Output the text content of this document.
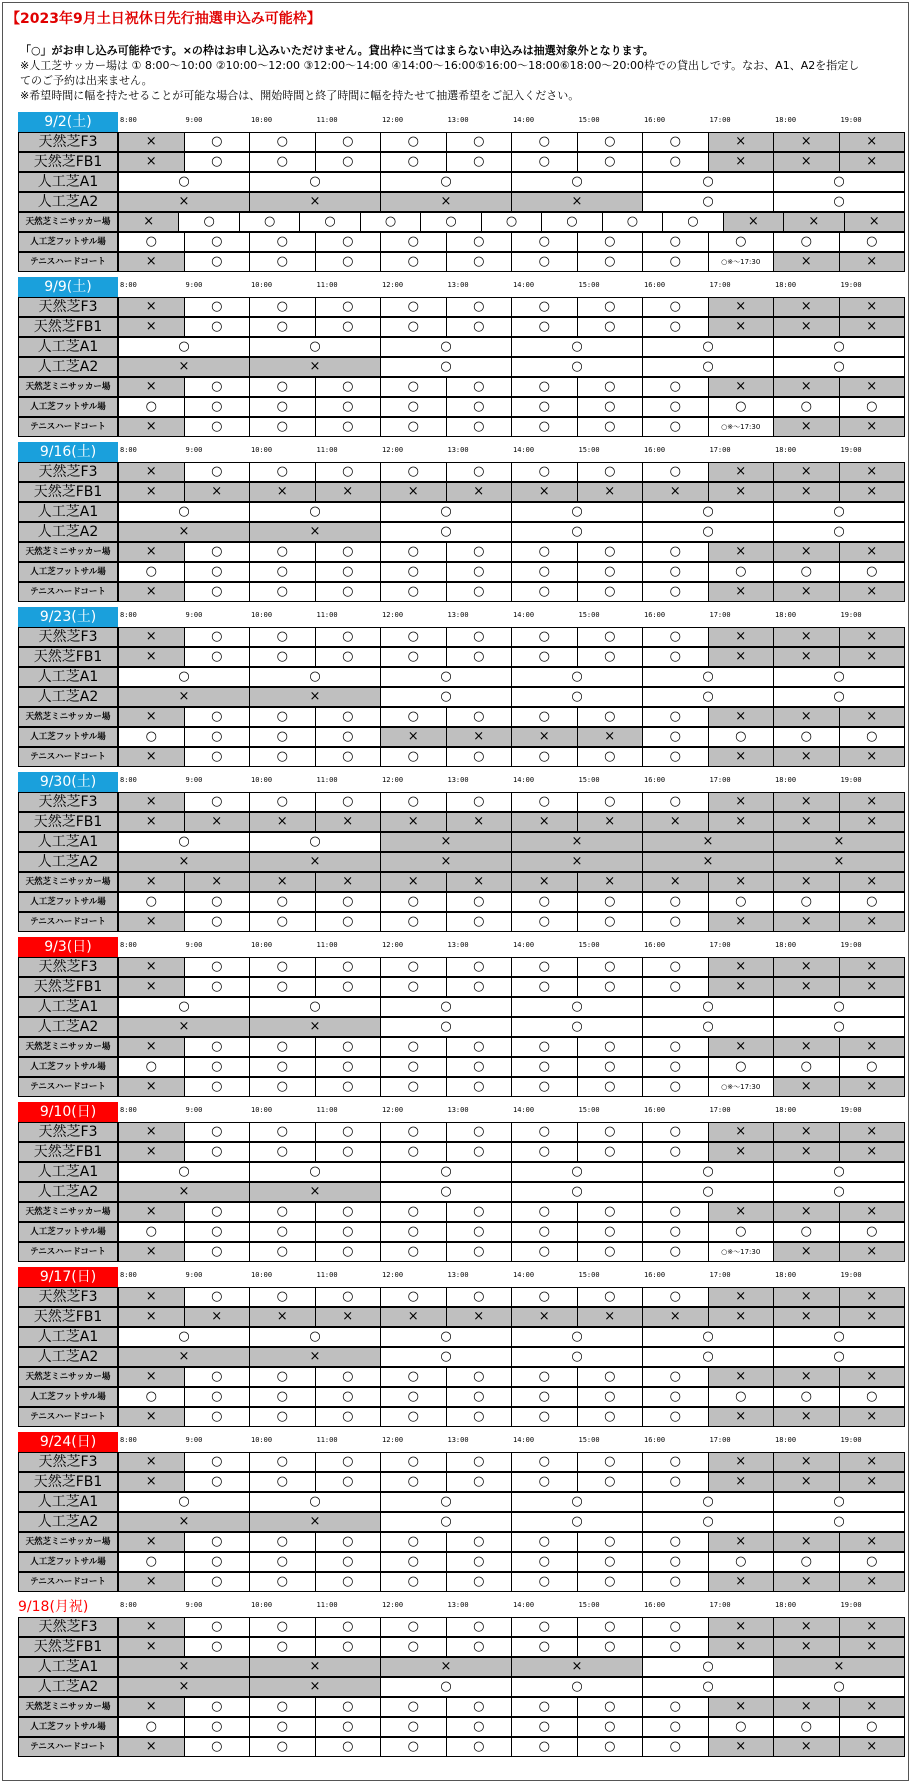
【2023年9月土日祝休日先行抽選申込み可能枠】
「○」がお申し込み可能枠です。×の枠はお申し込みいただけません。貸出枠に当てはまらない申込みは抽選対象外となります。
※人工芝サッカー場は ① 8:00～10:00 ②10:00～12:00 ③12:00～14:00 ④14:00～16:00⑤16:00～18:00⑥18:00～20:00枠での貸出しです。なお、A1、A2を指定し
てのご予約は出来ません。
※希望時間に幅を持たせることが可能な場合は、開始時間と終了時間に幅を持たせて抽選希望をご記入ください。
9/2(土)	8:00	9:00	10:00	11:00	12:00	13:00	14:00	15:00	16:00	17:00	18:00	19:00
天然芝F3	×	○	○	○	○	○	○	○	○	×	×	×
天然芝FB1	×	○	○	○	○	○	○	○	○	×	×	×
人工芝A1	○	○	○	○	○	○
人工芝A2	×	×	×	×	○	○
天然芝ミニサッカー場	×	○	○	○	○	○	○	○	○	○	×	×	×
人工芝フットサル場	○	○	○	○	○	○	○	○	○	○	○	○
テニスハードコート	×	○	○	○	○	○	○	○	○	○※～17:30	×	×
9/9(土)	8:00	9:00	10:00	11:00	12:00	13:00	14:00	15:00	16:00	17:00	18:00	19:00
天然芝F3	×	○	○	○	○	○	○	○	○	×	×	×
天然芝FB1	×	○	○	○	○	○	○	○	○	×	×	×
人工芝A1	○	○	○	○	○	○
人工芝A2	×	×	○	○	○	○
天然芝ミニサッカー場	×	○	○	○	○	○	○	○	○	×	×	×
人工芝フットサル場	○	○	○	○	○	○	○	○	○	○	○	○
テニスハードコート	×	○	○	○	○	○	○	○	○	○※～17:30	×	×
9/16(土)	8:00	9:00	10:00	11:00	12:00	13:00	14:00	15:00	16:00	17:00	18:00	19:00
天然芝F3	×	○	○	○	○	○	○	○	○	×	×	×
天然芝FB1	×	×	×	×	×	×	×	×	×	×	×	×
人工芝A1	○	○	○	○	○	○
人工芝A2	×	×	○	○	○	○
天然芝ミニサッカー場	×	○	○	○	○	○	○	○	○	×	×	×
人工芝フットサル場	○	○	○	○	○	○	○	○	○	○	○	○
テニスハードコート	×	○	○	○	○	○	○	○	○	×	×	×
9/23(土)	8:00	9:00	10:00	11:00	12:00	13:00	14:00	15:00	16:00	17:00	18:00	19:00
天然芝F3	×	○	○	○	○	○	○	○	○	×	×	×
天然芝FB1	×	○	○	○	○	○	○	○	○	×	×	×
人工芝A1	○	○	○	○	○	○
人工芝A2	×	×	○	○	○	○
天然芝ミニサッカー場	×	○	○	○	○	○	○	○	○	×	×	×
人工芝フットサル場	○	○	○	○	×	×	×	×	○	○	○	○
テニスハードコート	×	○	○	○	○	○	○	○	○	×	×	×
9/30(土)	8:00	9:00	10:00	11:00	12:00	13:00	14:00	15:00	16:00	17:00	18:00	19:00
天然芝F3	×	○	○	○	○	○	○	○	○	×	×	×
天然芝FB1	×	×	×	×	×	×	×	×	×	×	×	×
人工芝A1	○	○	×	×	×	×
人工芝A2	×	×	×	×	×	×
天然芝ミニサッカー場	×	×	×	×	×	×	×	×	×	×	×	×
人工芝フットサル場	○	○	○	○	○	○	○	○	○	○	○	○
テニスハードコート	×	○	○	○	○	○	○	○	○	×	×	×
9/3(日)	8:00	9:00	10:00	11:00	12:00	13:00	14:00	15:00	16:00	17:00	18:00	19:00
天然芝F3	×	○	○	○	○	○	○	○	○	×	×	×
天然芝FB1	×	○	○	○	○	○	○	○	○	×	×	×
人工芝A1	○	○	○	○	○	○
人工芝A2	×	×	○	○	○	○
天然芝ミニサッカー場	×	○	○	○	○	○	○	○	○	×	×	×
人工芝フットサル場	○	○	○	○	○	○	○	○	○	○	○	○
テニスハードコート	×	○	○	○	○	○	○	○	○	○※～17:30	×	×
9/10(日)	8:00	9:00	10:00	11:00	12:00	13:00	14:00	15:00	16:00	17:00	18:00	19:00
天然芝F3	×	○	○	○	○	○	○	○	○	×	×	×
天然芝FB1	×	○	○	○	○	○	○	○	○	×	×	×
人工芝A1	○	○	○	○	○	○
人工芝A2	×	×	○	○	○	○
天然芝ミニサッカー場	×	○	○	○	○	○	○	○	○	×	×	×
人工芝フットサル場	○	○	○	○	○	○	○	○	○	○	○	○
テニスハードコート	×	○	○	○	○	○	○	○	○	○※～17:30	×	×
9/17(日)	8:00	9:00	10:00	11:00	12:00	13:00	14:00	15:00	16:00	17:00	18:00	19:00
天然芝F3	×	○	○	○	○	○	○	○	○	×	×	×
天然芝FB1	×	×	×	×	×	×	×	×	×	×	×	×
人工芝A1	○	○	○	○	○	○
人工芝A2	×	×	○	○	○	○
天然芝ミニサッカー場	×	○	○	○	○	○	○	○	○	×	×	×
人工芝フットサル場	○	○	○	○	○	○	○	○	○	○	○	○
テニスハードコート	×	○	○	○	○	○	○	○	○	×	×	×
9/24(日)	8:00	9:00	10:00	11:00	12:00	13:00	14:00	15:00	16:00	17:00	18:00	19:00
天然芝F3	×	○	○	○	○	○	○	○	○	×	×	×
天然芝FB1	×	○	○	○	○	○	○	○	○	×	×	×
人工芝A1	○	○	○	○	○	○
人工芝A2	×	×	○	○	○	○
天然芝ミニサッカー場	×	○	○	○	○	○	○	○	○	×	×	×
人工芝フットサル場	○	○	○	○	○	○	○	○	○	○	○	○
テニスハードコート	×	○	○	○	○	○	○	○	○	×	×	×
9/18(月祝)	8:00	9:00	10:00	11:00	12:00	13:00	14:00	15:00	16:00	17:00	18:00	19:00
天然芝F3	×	○	○	○	○	○	○	○	○	×	×	×
天然芝FB1	×	○	○	○	○	○	○	○	○	×	×	×
人工芝A1	×	×	×	×	○	×
人工芝A2	×	×	○	○	○	○
天然芝ミニサッカー場	×	○	○	○	○	○	○	○	○	×	×	×
人工芝フットサル場	○	○	○	○	○	○	○	○	○	○	○	○
テニスハードコート	×	○	○	○	○	○	○	○	○	×	×	×
